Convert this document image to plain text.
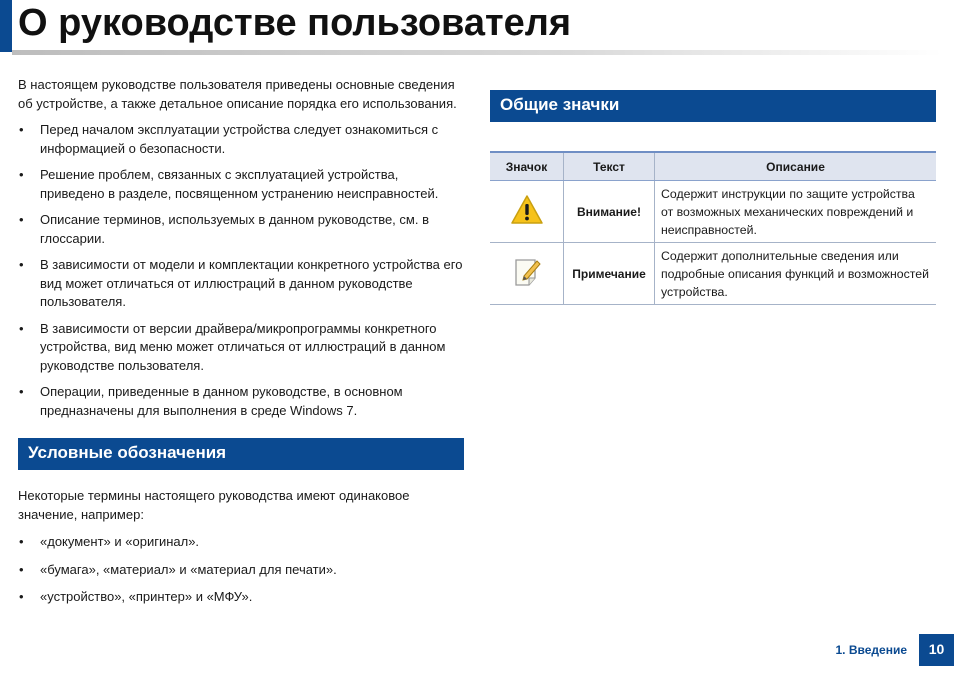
О руководстве пользователя

В настоящем руководстве пользователя приведены основные сведения об устройстве, а также детальное описание порядка его использования.

• Перед началом эксплуатации устройства следует ознакомиться с информацией о безопасности.
• Решение проблем, связанных с эксплуатацией устройства, приведено в разделе, посвященном устранению неисправностей.
• Описание терминов, используемых в данном руководстве, см. в глоссарии.
• В зависимости от модели и комплектации конкретного устройства его вид может отличаться от иллюстраций в данном руководстве пользователя.
• В зависимости от версии драйвера/микропрограммы конкретного устройства, вид меню может отличаться от иллюстраций в данном руководстве пользователя.
• Операции, приведенные в данном руководстве, в основном предназначены для выполнения в среде Windows 7.
Условные обозначения

Некоторые термины настоящего руководства имеют одинаковое значение, например:

• «документ» и «оригинал».
• «бумага», «материал» и «материал для печати».
• «устройство», «принтер» и «МФУ».
Общие значки
Значок	Текст	Описание
	Внимание!	Содержит инструкции по защите устройства от возможных механических повреждений и неисправностей.
	Примечание	Содержит дополнительные сведения или подробные описания функций и возможностей устройства.
1. Введение	10
